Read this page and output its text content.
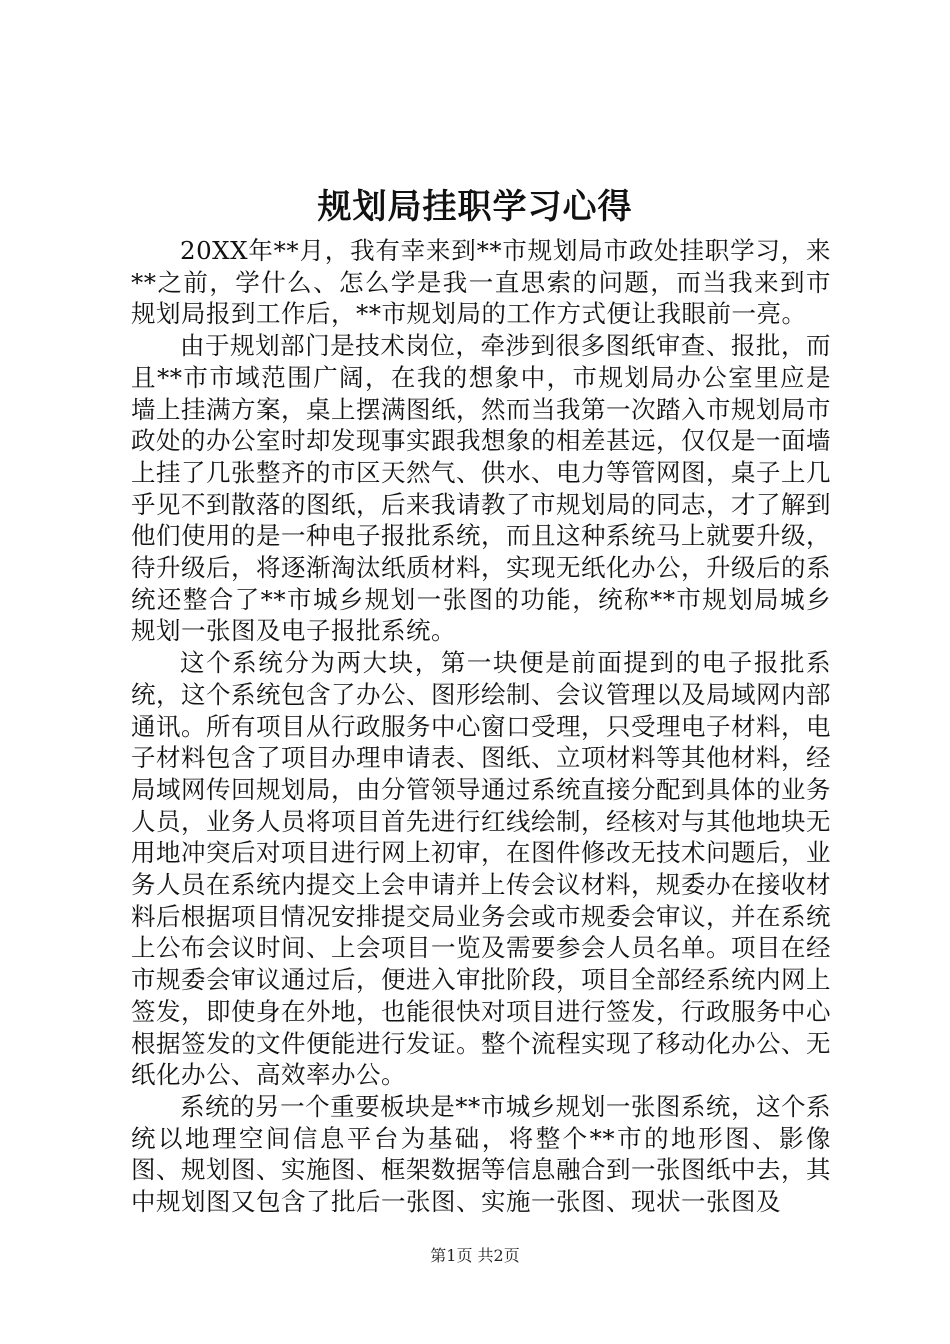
规划局挂职学习心得

20XX年**月，我有幸来到**市规划局市政处挂职学习，来**之前，学什么、怎么学是我一直思索的问题，而当我来到市规划局报到工作后，**市规划局的工作方式便让我眼前一亮。

由于规划部门是技术岗位，牵涉到很多图纸审查、报批，而且**市市域范围广阔，在我的想象中，市规划局办公室里应是墙上挂满方案，桌上摆满图纸，然而当我第一次踏入市规划局市政处的办公室时却发现事实跟我想象的相差甚远，仅仅是一面墙上挂了几张整齐的市区天然气、供水、电力等管网图，桌子上几乎见不到散落的图纸，后来我请教了市规划局的同志，才了解到他们使用的是一种电子报批系统，而且这种系统马上就要升级，待升级后，将逐渐淘汰纸质材料，实现无纸化办公，升级后的系统还整合了**市城乡规划一张图的功能，统称**市规划局城乡规划一张图及电子报批系统。

这个系统分为两大块，第一块便是前面提到的电子报批系统，这个系统包含了办公、图形绘制、会议管理以及局域网内部通讯。所有项目从行政服务中心窗口受理，只受理电子材料，电子材料包含了项目办理申请表、图纸、立项材料等其他材料，经局域网传回规划局，由分管领导通过系统直接分配到具体的业务人员，业务人员将项目首先进行红线绘制，经核对与其他地块无用地冲突后对项目进行网上初审，在图件修改无技术问题后，业务人员在系统内提交上会申请并上传会议材料，规委办在接收材料后根据项目情况安排提交局业务会或市规委会审议，并在系统上公布会议时间、上会项目一览及需要参会人员名单。项目在经市规委会审议通过后，便进入审批阶段，项目全部经系统内网上签发，即使身在外地，也能很快对项目进行签发，行政服务中心根据签发的文件便能进行发证。整个流程实现了移动化办公、无纸化办公、高效率办公。

系统的另一个重要板块是**市城乡规划一张图系统，这个系统以地理空间信息平台为基础，将整个**市的地形图、影像图、规划图、实施图、框架数据等信息融合到一张图纸中去，其中规划图又包含了批后一张图、实施一张图、现状一张图及

第1页 共2页
